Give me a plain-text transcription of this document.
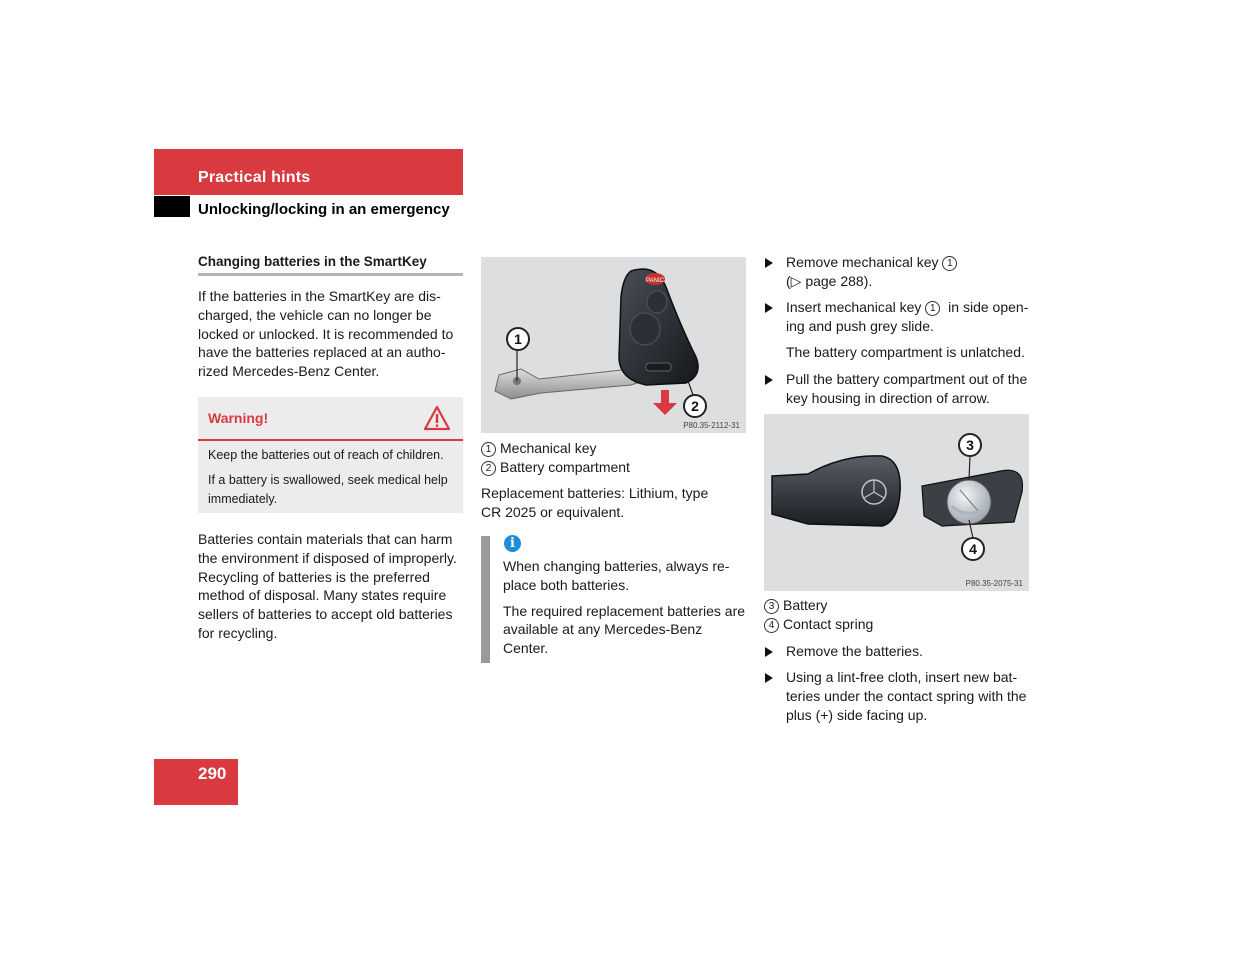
Practical hints
Unlocking/locking in an emergency
Changing batteries in the SmartKey
If the batteries in the SmartKey are dis-
charged, the vehicle can no longer be
locked or unlocked. It is recommended to
have the batteries replaced at an autho-
rized Mercedes-Benz Center.
Warning!

Keep the batteries out of reach of children.

If a battery is swallowed, seek medical help
immediately.
Batteries contain materials that can harm
the environment if disposed of improperly.
Recycling of batteries is the preferred
method of disposal. Many states require
sellers of batteries to accept old batteries
for recycling.
PANIC
1
2
P80.35-2112-31
1 Mechanical key
2 Battery compartment
Replacement batteries: Lithium, type
CR 2025 or equivalent.
i
When changing batteries, always re-
place both batteries.
The required replacement batteries are
available at any Mercedes-Benz
Center.
Remove mechanical key 1
(▷ page 288).
Insert mechanical key 1 in side open-
ing and push grey slide.
The battery compartment is unlatched.
Pull the battery compartment out of the
key housing in direction of arrow.
3
4
P80.35-2075-31
3 Battery
4 Contact spring
Remove the batteries.
Using a lint-free cloth, insert new bat-
teries under the contact spring with the
plus (+) side facing up.
290
